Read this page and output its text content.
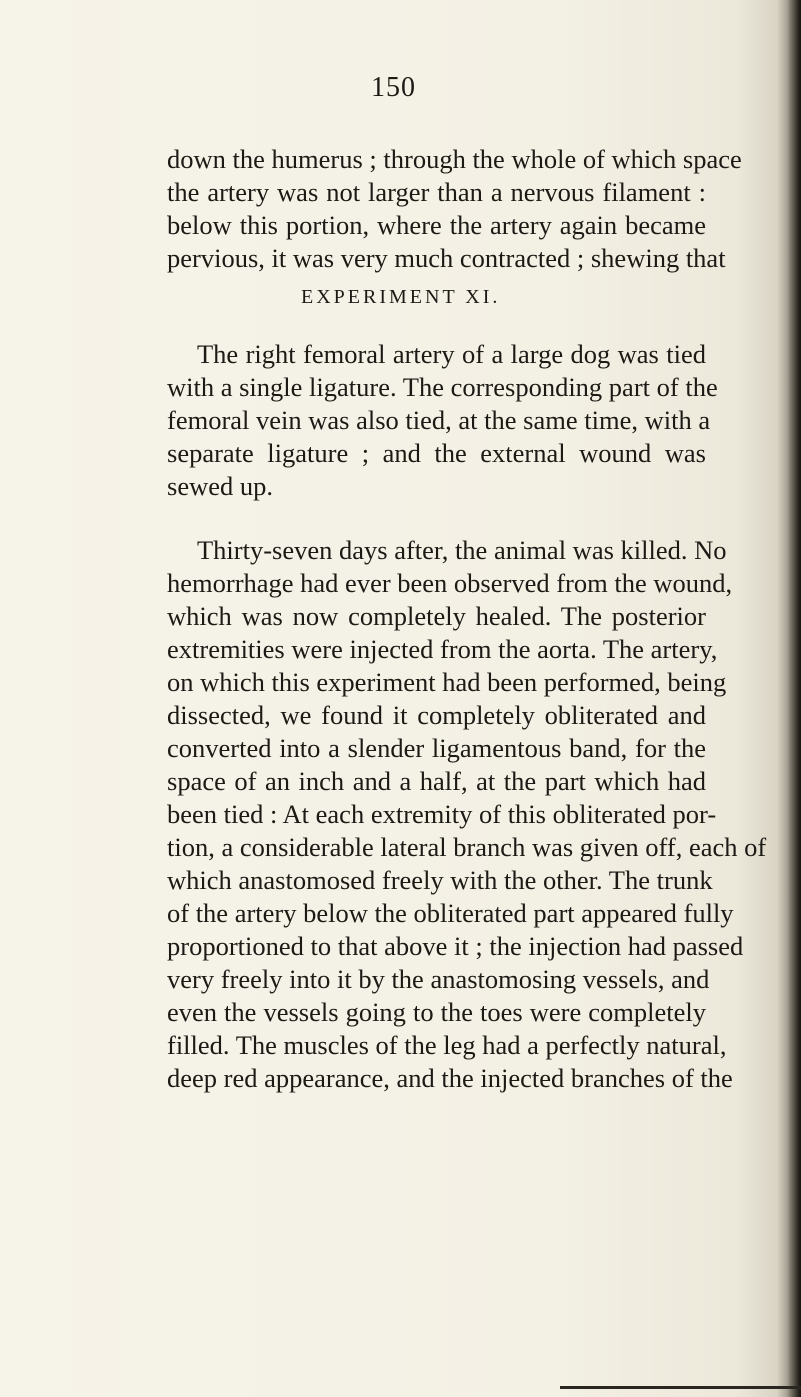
150
down the humerus ; through the whole of which space
the artery was not larger than a nervous filament :
below this portion, where the artery again became
pervious, it was very much contracted ; shewing that
EXPERIMENT XI.
The right femoral artery of a large dog was tied
with a single ligature. The corresponding part of the
femoral vein was also tied, at the same time, with a
separate ligature ; and the external wound was
sewed up.
Thirty-seven days after, the animal was killed. No
hemorrhage had ever been observed from the wound,
which was now completely healed. The posterior
extremities were injected from the aorta. The artery,
on which this experiment had been performed, being
dissected, we found it completely obliterated and
converted into a slender ligamentous band, for the
space of an inch and a half, at the part which had
been tied : At each extremity of this obliterated por-
tion, a considerable lateral branch was given off, each of
which anastomosed freely with the other. The trunk
of the artery below the obliterated part appeared fully
proportioned to that above it ; the injection had passed
very freely into it by the anastomosing vessels, and
even the vessels going to the toes were completely
filled. The muscles of the leg had a perfectly natural,
deep red appearance, and the injected branches of the
